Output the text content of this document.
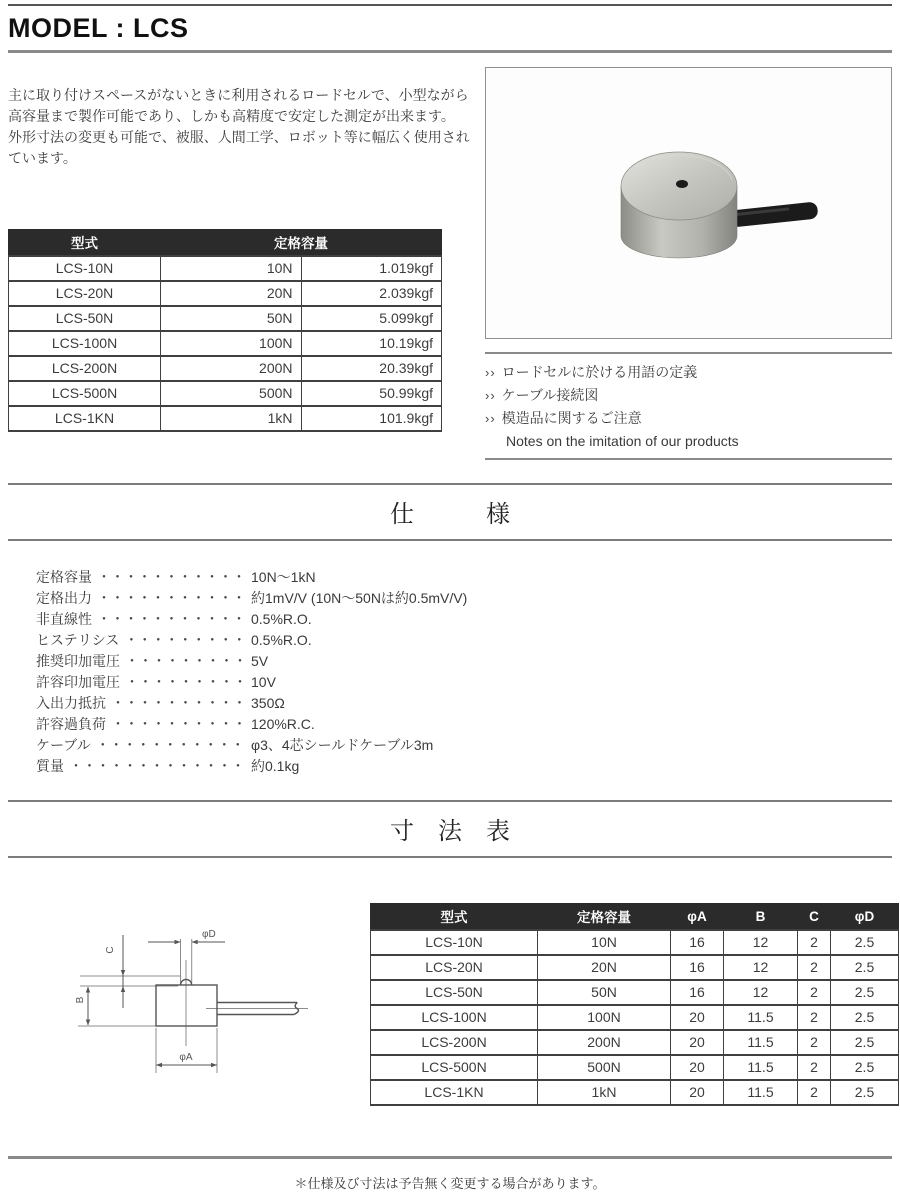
MODEL : LCS

主に取り付けスペースがないときに利用されるロードセルで、小型ながら高容量まで製作可能であり、しかも高精度で安定した測定が出来ます。

外形寸法の変更も可能で、被服、人間工学、ロボット等に幅広く使用されています。

型式	定格容量	
LCS-10N	10N	1.019kgf
LCS-20N	20N	2.039kgf
LCS-50N	50N	5.099kgf
LCS-100N	100N	10.19kgf
LCS-200N	200N	20.39kgf
LCS-500N	500N	50.99kgf
LCS-1KN	1kN	101.9kgf
›› ロードセルに於ける用語の定義
›› ケーブル接続図
›› 模造品に関するご注意
Notes on the imitation of our products
仕　　　様
定格容量 ・・・・・・・・・・・ 10N～1kN
定格出力 ・・・・・・・・・・・ 約1mV/V (10N～50Nは約0.5mV/V)
非直線性 ・・・・・・・・・・・ 0.5%R.O.
ヒステリシス ・・・・・・・・・ 0.5%R.O.
推奨印加電圧 ・・・・・・・・・ 5V
許容印加電圧 ・・・・・・・・・ 10V
入出力抵抗 ・・・・・・・・・・ 350Ω
許容過負荷 ・・・・・・・・・・ 120%R.C.
ケーブル ・・・・・・・・・・・ φ3、4芯シールドケーブル3m
質量 ・・・・・・・・・・・・・ 約0.1kg
寸　法　表
φD
C
B
φA
型式	定格容量	φA	B	C	φD
LCS-10N	10N	16	12	2	2.5
LCS-20N	20N	16	12	2	2.5
LCS-50N	50N	16	12	2	2.5
LCS-100N	100N	20	11.5	2	2.5
LCS-200N	200N	20	11.5	2	2.5
LCS-500N	500N	20	11.5	2	2.5
LCS-1KN	1kN	20	11.5	2	2.5

＊仕様及び寸法は予告無く変更する場合があります。
